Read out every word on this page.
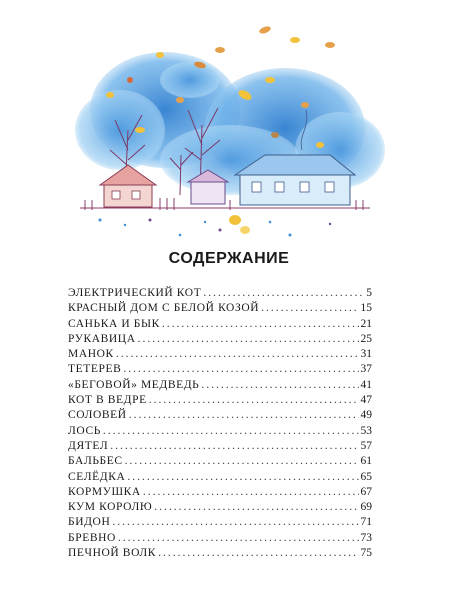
СОДЕРЖАНИЕ
ЭЛЕКТРИЧЕСКИЙ КОТ .....	5
КРАСНЫЙ ДОМ С БЕЛОЙ КОЗОЙ .....	15
САНЬКА И БЫК .....	21
РУКАВИЦА .....	25
МАНОК .....	31
ТЕТЕРЕВ .....	37
«БЕГОВОЙ» МЕДВЕДЬ .....	41
КОТ В ВЕДРЕ .....	47
СОЛОВЕЙ .....	49
ЛОСЬ .....	53
ДЯТЕЛ .....	57
БАЛЬБЕС .....	61
СЕЛЁДКА .....	65
КОРМУШКА .....	67
КУМ КОРОЛЮ .....	69
БИДОН .....	71
БРЕВНО .....	73
ПЕЧНОЙ ВОЛК .....	75
